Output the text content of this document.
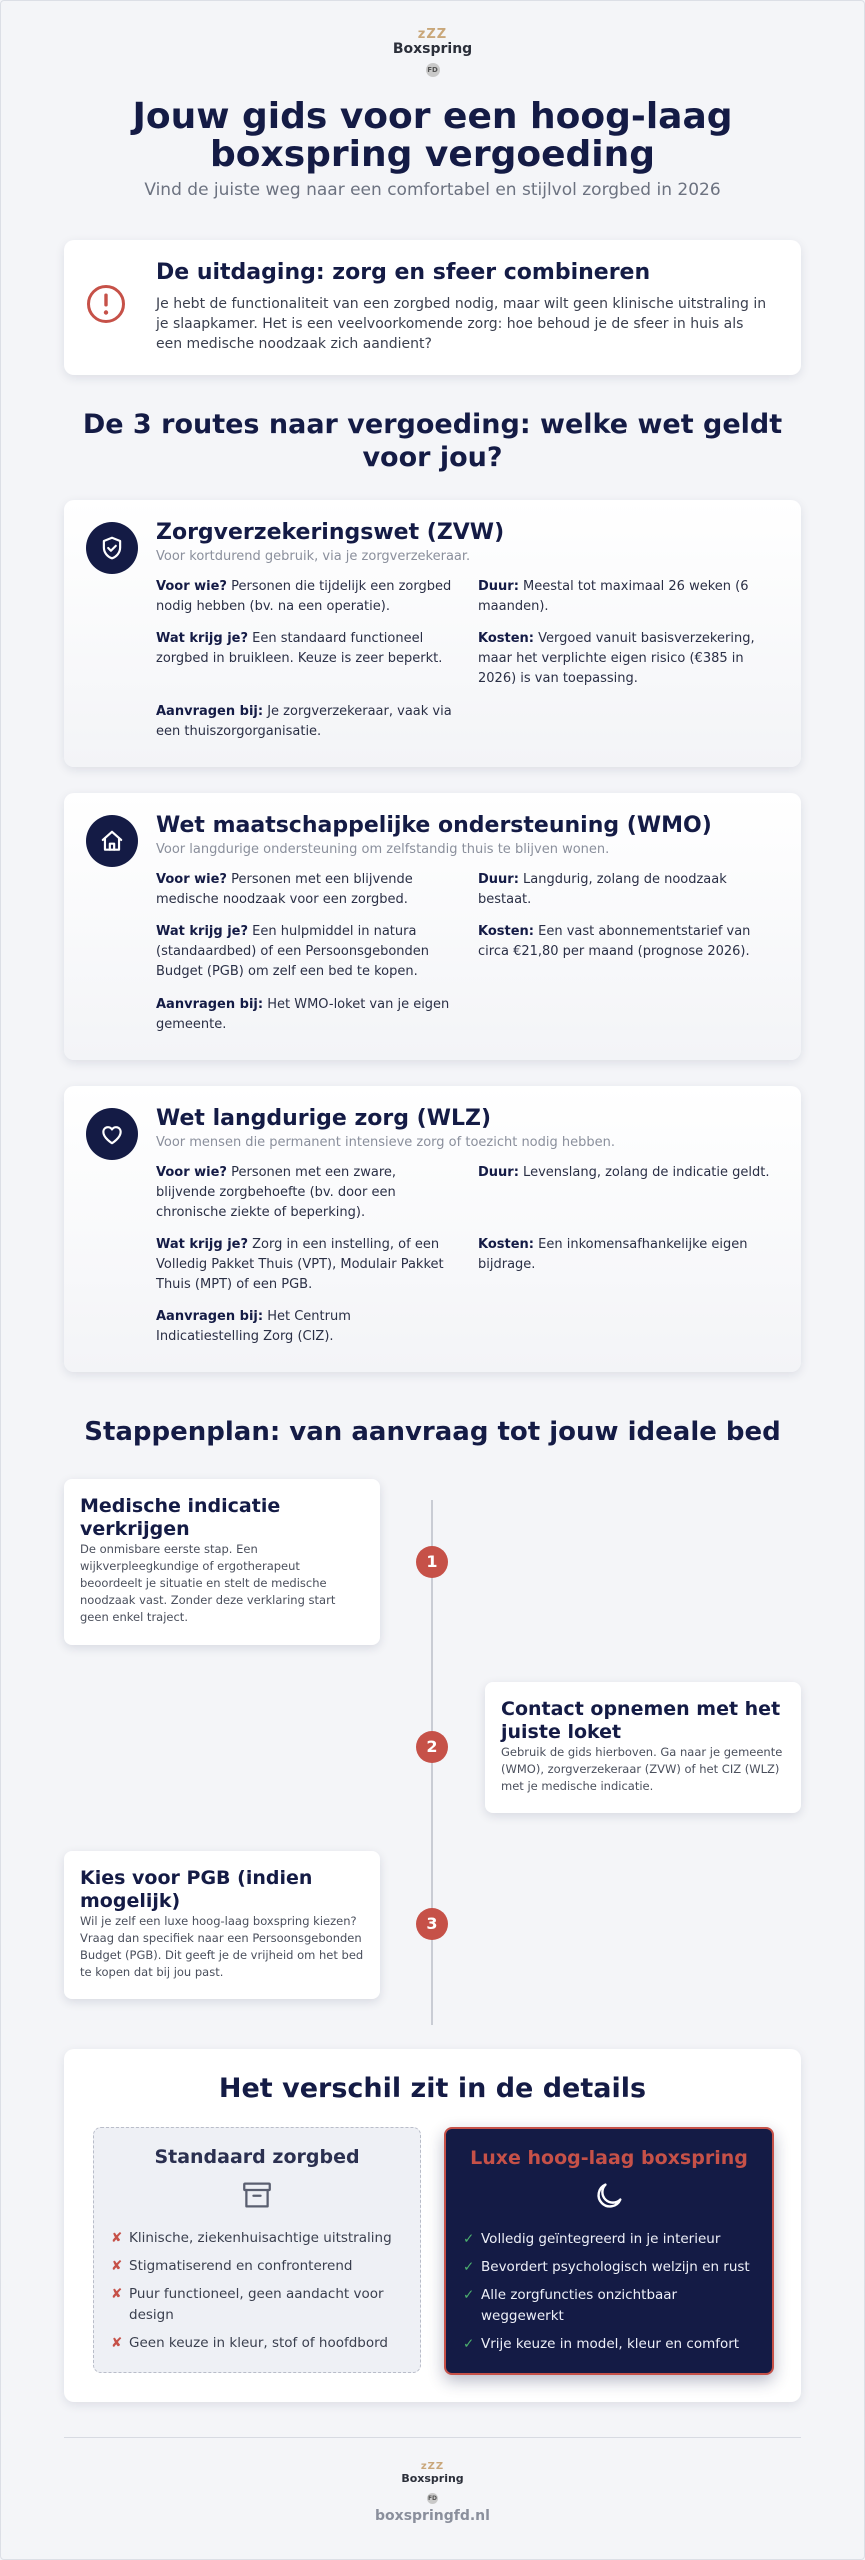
zZZ
Boxspring
FD
Jouw gids voor een hoog-laag boxspring vergoeding
Vind de juiste weg naar een comfortabel en stijlvol zorgbed in 2026
De uitdaging: zorg en sfeer combineren
Je hebt de functionaliteit van een zorgbed nodig, maar wilt geen klinische uitstraling in je slaapkamer. Het is een veelvoorkomende zorg: hoe behoud je de sfeer in huis als een medische noodzaak zich aandient?
De 3 routes naar vergoeding: welke wet geldt voor jou?
Zorgverzekeringswet (ZVW)
Voor kortdurend gebruik, via je zorgverzekeraar.
Voor wie? Personen die tijdelijk een zorgbed nodig hebben (bv. na een operatie).
Wat krijg je? Een standaard functioneel zorgbed in bruikleen. Keuze is zeer beperkt.
Aanvragen bij: Je zorgverzekeraar, vaak via een thuiszorgorganisatie.
Duur: Meestal tot maximaal 26 weken (6 maanden).
Kosten: Vergoed vanuit basisverzekering, maar het verplichte eigen risico (€385 in 2026) is van toepassing.
Wet maatschappelijke ondersteuning (WMO)
Voor langdurige ondersteuning om zelfstandig thuis te blijven wonen.
Voor wie? Personen met een blijvende medische noodzaak voor een zorgbed.
Wat krijg je? Een hulpmiddel in natura (standaardbed) of een Persoonsgebonden Budget (PGB) om zelf een bed te kopen.
Aanvragen bij: Het WMO-loket van je eigen gemeente.
Duur: Langdurig, zolang de noodzaak bestaat.
Kosten: Een vast abonnementstarief van circa €21,80 per maand (prognose 2026).
Wet langdurige zorg (WLZ)
Voor mensen die permanent intensieve zorg of toezicht nodig hebben.
Voor wie? Personen met een zware, blijvende zorgbehoefte (bv. door een chronische ziekte of beperking).
Wat krijg je? Zorg in een instelling, of een Volledig Pakket Thuis (VPT), Modulair Pakket Thuis (MPT) of een PGB.
Aanvragen bij: Het Centrum Indicatiestelling Zorg (CIZ).
Duur: Levenslang, zolang de indicatie geldt.
Kosten: Een inkomensafhankelijke eigen bijdrage.
Stappenplan: van aanvraag tot jouw ideale bed
Medische indicatie verkrijgen
De onmisbare eerste stap. Een wijkverpleegkundige of ergotherapeut beoordeelt je situatie en stelt de medische noodzaak vast. Zonder deze verklaring start geen enkel traject.
1
Contact opnemen met het juiste loket
Gebruik de gids hierboven. Ga naar je gemeente (WMO), zorgverzekeraar (ZVW) of het CIZ (WLZ) met je medische indicatie.
2
Kies voor PGB (indien mogelijk)
Wil je zelf een luxe hoog-laag boxspring kiezen? Vraag dan specifiek naar een Persoonsgebonden Budget (PGB). Dit geeft je de vrijheid om het bed te kopen dat bij jou past.
3
Het verschil zit in de details
Standaard zorgbed
✘ Klinische, ziekenhuisachtige uitstraling
✘ Stigmatiserend en confronterend
✘ Puur functioneel, geen aandacht voor design
✘ Geen keuze in kleur, stof of hoofdbord
Luxe hoog-laag boxspring
✓ Volledig geïntegreerd in je interieur
✓ Bevordert psychologisch welzijn en rust
✓ Alle zorgfuncties onzichtbaar weggewerkt
✓ Vrije keuze in model, kleur en comfort
zZZ
Boxspring
FD
boxspringfd.nl
